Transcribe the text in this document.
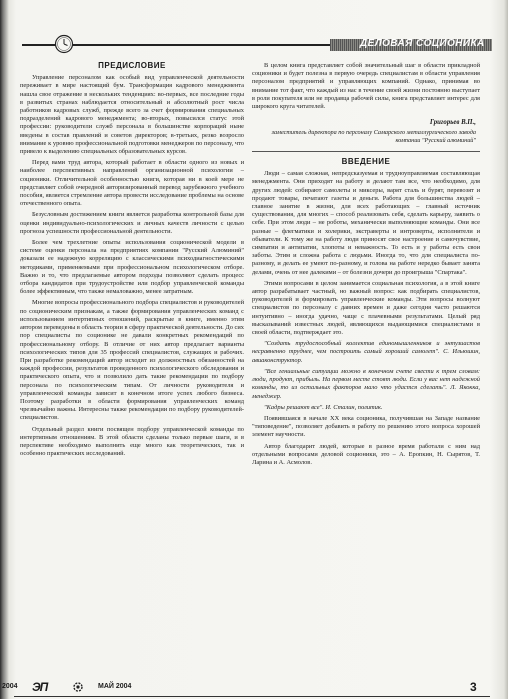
ДЕЛОВАЯ СОЦИОНИКА
ПРЕДИСЛОВИЕ

Управление персоналом как особый вид управленческой деятельности переживает в мире настоящий бум. Трансформация кадрового менеджмента нашла свое отражение в нескольких тенденциях: во-первых, все последние годы в развитых странах наблюдается относительный и абсолютный рост числа работников кадровых служб, прежде всего за счет формирования специальных подразделений кадрового менеджмента; во-вторых, повысился статус этой профессии: руководители служб персонала в большинстве корпораций ныне введены в состав правлений и советов директоров; в-третьих, резко возросло внимание к уровню профессиональной подготовки менеджеров по персоналу, что привело к выделению специальных образовательных курсов.

Перед вами труд автора, который работает в области одного из новых и наиболее перспективных направлений организационной психологии – соционики. Отличительной особенностью книги, которая ни в коей мере не представляет собой очередной авторизированный перевод зарубежного учебного пособия, является стремление автора провести исследование проблемы на основе отечественного опыта.

Безусловным достижением книги является разработка контрольной базы для оценки индивидуально-психологических и личных качеств личности с целью прогноза успешности профессиональной деятельности.

Более чем трехлетние опыты использования соционической модели в системе оценки персонала на предприятиях компании "Русский Алюминий" доказали ее надежную корреляцию с классическими психодиагностическими методиками, применяемыми при профессиональном психологическом отборе. Важно и то, что предлагаемые автором подходы позволяют сделать процесс отбора кандидатов при трудоустройстве или подбор управленческой команды более эффективным, что также немаловажно, менее затратным.

Многие вопросы профессионального подбора специалистов и руководителей по соционическим признакам, а также формирования управленческих команд с использованием интертипных отношений, раскрытые в книге, именно этим автором переведены в область теории в сферу практической деятельности. До сих пор специалисты по соционике не давали конкретных рекомендаций по профессиональному отбору. В отличие от них автор предлагает варианты психологических типов для 35 профессий специалистов, служащих и рабочих. При разработке рекомендаций автор исходит из должностных обязанностей на каждой профессии, результатов проведенного психологического обследования и практического опыта, что и позволило дать такие рекомендации по подбору персонала по психологическим типам. От личности руководителя и управленческой команды зависит в конечном итоге успех любого бизнеса. Поэтому разработки в области формирования управленческих команд чрезвычайно важны. Интересны также рекомендации по подбору руководителей-специалистов.

Отдельный раздел книги посвящен подбору управленческой команды по интертипным отношениям. В этой области сделаны только первые шаги, и в перспективе необходимо выполнить еще много как теоретических, так и особенно практических исследований.

В целом книга представляет собой значительный шаг в области прикладной соционики и будет полезна в первую очередь специалистам в области управления персоналом предприятий и управляющих компаний. Однако, принимая во внимание тот факт, что каждый из нас в течение своей жизни постоянно выступает в роли покупателя или не продавца рабочей силы, книга представляет интерес для широкого круга читателей.

Григорьев В.П.,
заместитель директора по персоналу Самарского металлургического завода компании "Русский алюминий"
ВВЕДЕНИЕ

Люди – самая сложная, непредсказуемая и трудноуправляемая составляющая менеджмента. Они приходят на работу и делают там все, что необходимо, для других людей: собирают самолеты и миксеры, варят сталь и бурят, перевозят и продают товары, печатают газеты и деньги. Работа для большинства людей – главное занятие в жизни, для всех работающих – главный источник существования, для многих – способ реализовать себя, сделать карьеру, заявить о себе. При этом люди – не роботы, механически выполняющие команды. Они все разные – флегматики и холерики, экстраверты и интроверты, исполнители и обыватели. К тому же на работу люди приносят свое настроение и самочувствие, симпатии и антипатии, хлопоты и неважность. То есть и у работы есть свои заботы. Этим и сложна работа с людьми. Иногда то, что для специалиста по-разному, и делать ее умеют по-разному, и голова на работе нередко бывает занята делами, очень от нее далекими – от болезни дочери до проигрыша "Спартака".

Этими вопросами в целом занимается социальная психология, а в этой книге автор разрабатывает частный, но важный вопрос: как подбирать специалистов, руководителей и формировать управленческие команды. Эти вопросы волнуют специалистов по персоналу с давних времен и даже сегодня часто решаются интуитивно – иногда удачно, чаще с плачевными результатами. Целый ряд высказываний известных людей, являющихся выдающимися специалистами в своей области, подтверждает это.

"Создать трудоспособный коллектив единомышленников и энтузиастов несравненно труднее, чем построить самый хороший самолет". С. Ильюшин, авиаконструктор.

"Все гениальные ситуации можно в конечном счете свести к трем словам: люди, продукт, прибыль. На первом месте стоят люди. Если у вас нет надежной команды, то из остальных факторов мало что удастся сделать". Л. Якокка, менеджер.

"Кадры решают все". И. Сталин, политик.

Появившаяся в начале XX века соционика, получившая на Западе название "типоведение", позволяет добавить в работу по решению этого вопроса хорошей элемент научности.

Автор благодарит людей, которые в разное время работали с ним над отдельными вопросами деловой соционики, это – А. Еропкин, Н. Сырятов, Т. Ларина и А. Асмолов.

2004 ЭП	МАЙ 2004	3
